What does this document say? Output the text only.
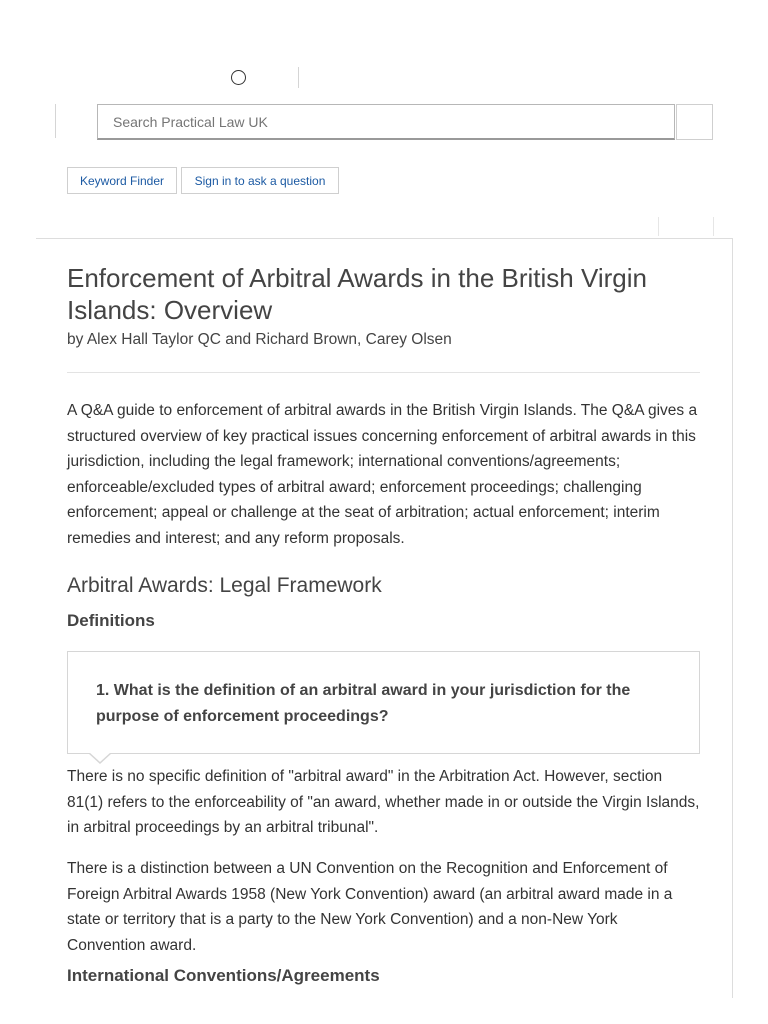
Search Practical Law UK
Keyword Finder	Sign in to ask a question
Enforcement of Arbitral Awards in the British Virgin Islands: Overview
by Alex Hall Taylor QC and Richard Brown, Carey Olsen

A Q&A guide to enforcement of arbitral awards in the British Virgin Islands. The Q&A gives a structured overview of key practical issues concerning enforcement of arbitral awards in this jurisdiction, including the legal framework; international conventions/agreements; enforceable/excluded types of arbitral award; enforcement proceedings; challenging enforcement; appeal or challenge at the seat of arbitration; actual enforcement; interim remedies and interest; and any reform proposals.

Arbitral Awards: Legal Framework
Definitions
1. What is the definition of an arbitral award in your jurisdiction for the purpose of enforcement proceedings?

There is no specific definition of "arbitral award" in the Arbitration Act. However, section 81(1) refers to the enforceability of "an award, whether made in or outside the Virgin Islands, in arbitral proceedings by an arbitral tribunal".

There is a distinction between a UN Convention on the Recognition and Enforcement of Foreign Arbitral Awards 1958 (New York Convention) award (an arbitral award made in a state or territory that is a party to the New York Convention) and a non-New York Convention award.

International Conventions/Agreements
